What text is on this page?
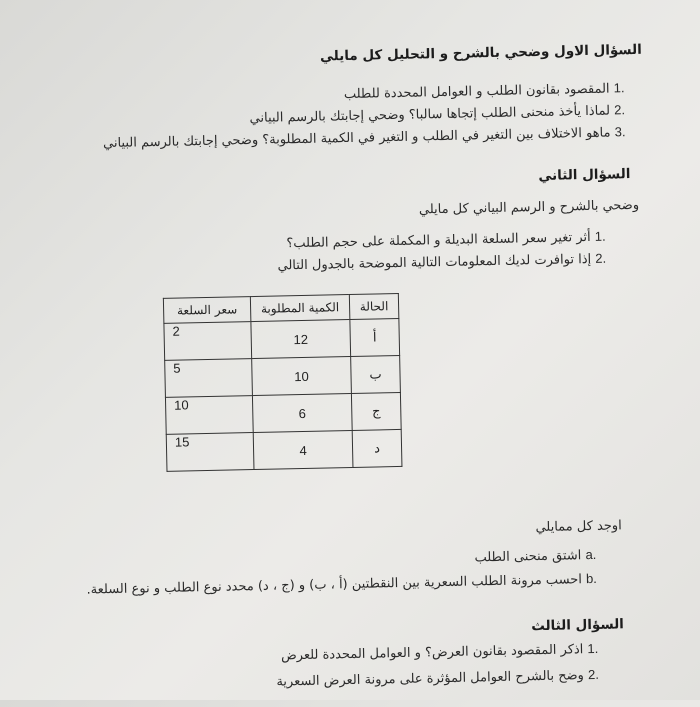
السؤال الاول وضحي بالشرح و التحليل كل مايلي
.1 المقصود بقانون الطلب و العوامل المحددة للطلب
.2 لماذا يأخذ منحنى الطلب إتجاها سالبا؟ وضحي إجابتك بالرسم البياني
.3 ماهو الاختلاف بين التغير في الطلب و التغير في الكمية المطلوبة؟ وضحي إجابتك بالرسم البياني
السؤال الثاني
وضحي بالشرح و الرسم البياني كل مايلي
.1 أثر تغير سعر السلعة البديلة و المكملة على حجم الطلب؟
.2 إذا توافرت لديك المعلومات التالية الموضحة بالجدول التالي
الحالة	الكمية المطلوبة	سعر السلعة
أ	12	2
ب	10	5
ج	6	10
د	4	15
اوجد كل ممايلي
.a اشتق منحنى الطلب
.b احسب مرونة الطلب السعرية بين النقطتين (أ ، ب) و (ج ، د) محدد نوع الطلب و نوع السلعة.
السؤال الثالث
.1 اذكر المقصود بقانون العرض؟ و العوامل المحددة للعرض
.2 وضح بالشرح العوامل المؤثرة على مرونة العرض السعرية
